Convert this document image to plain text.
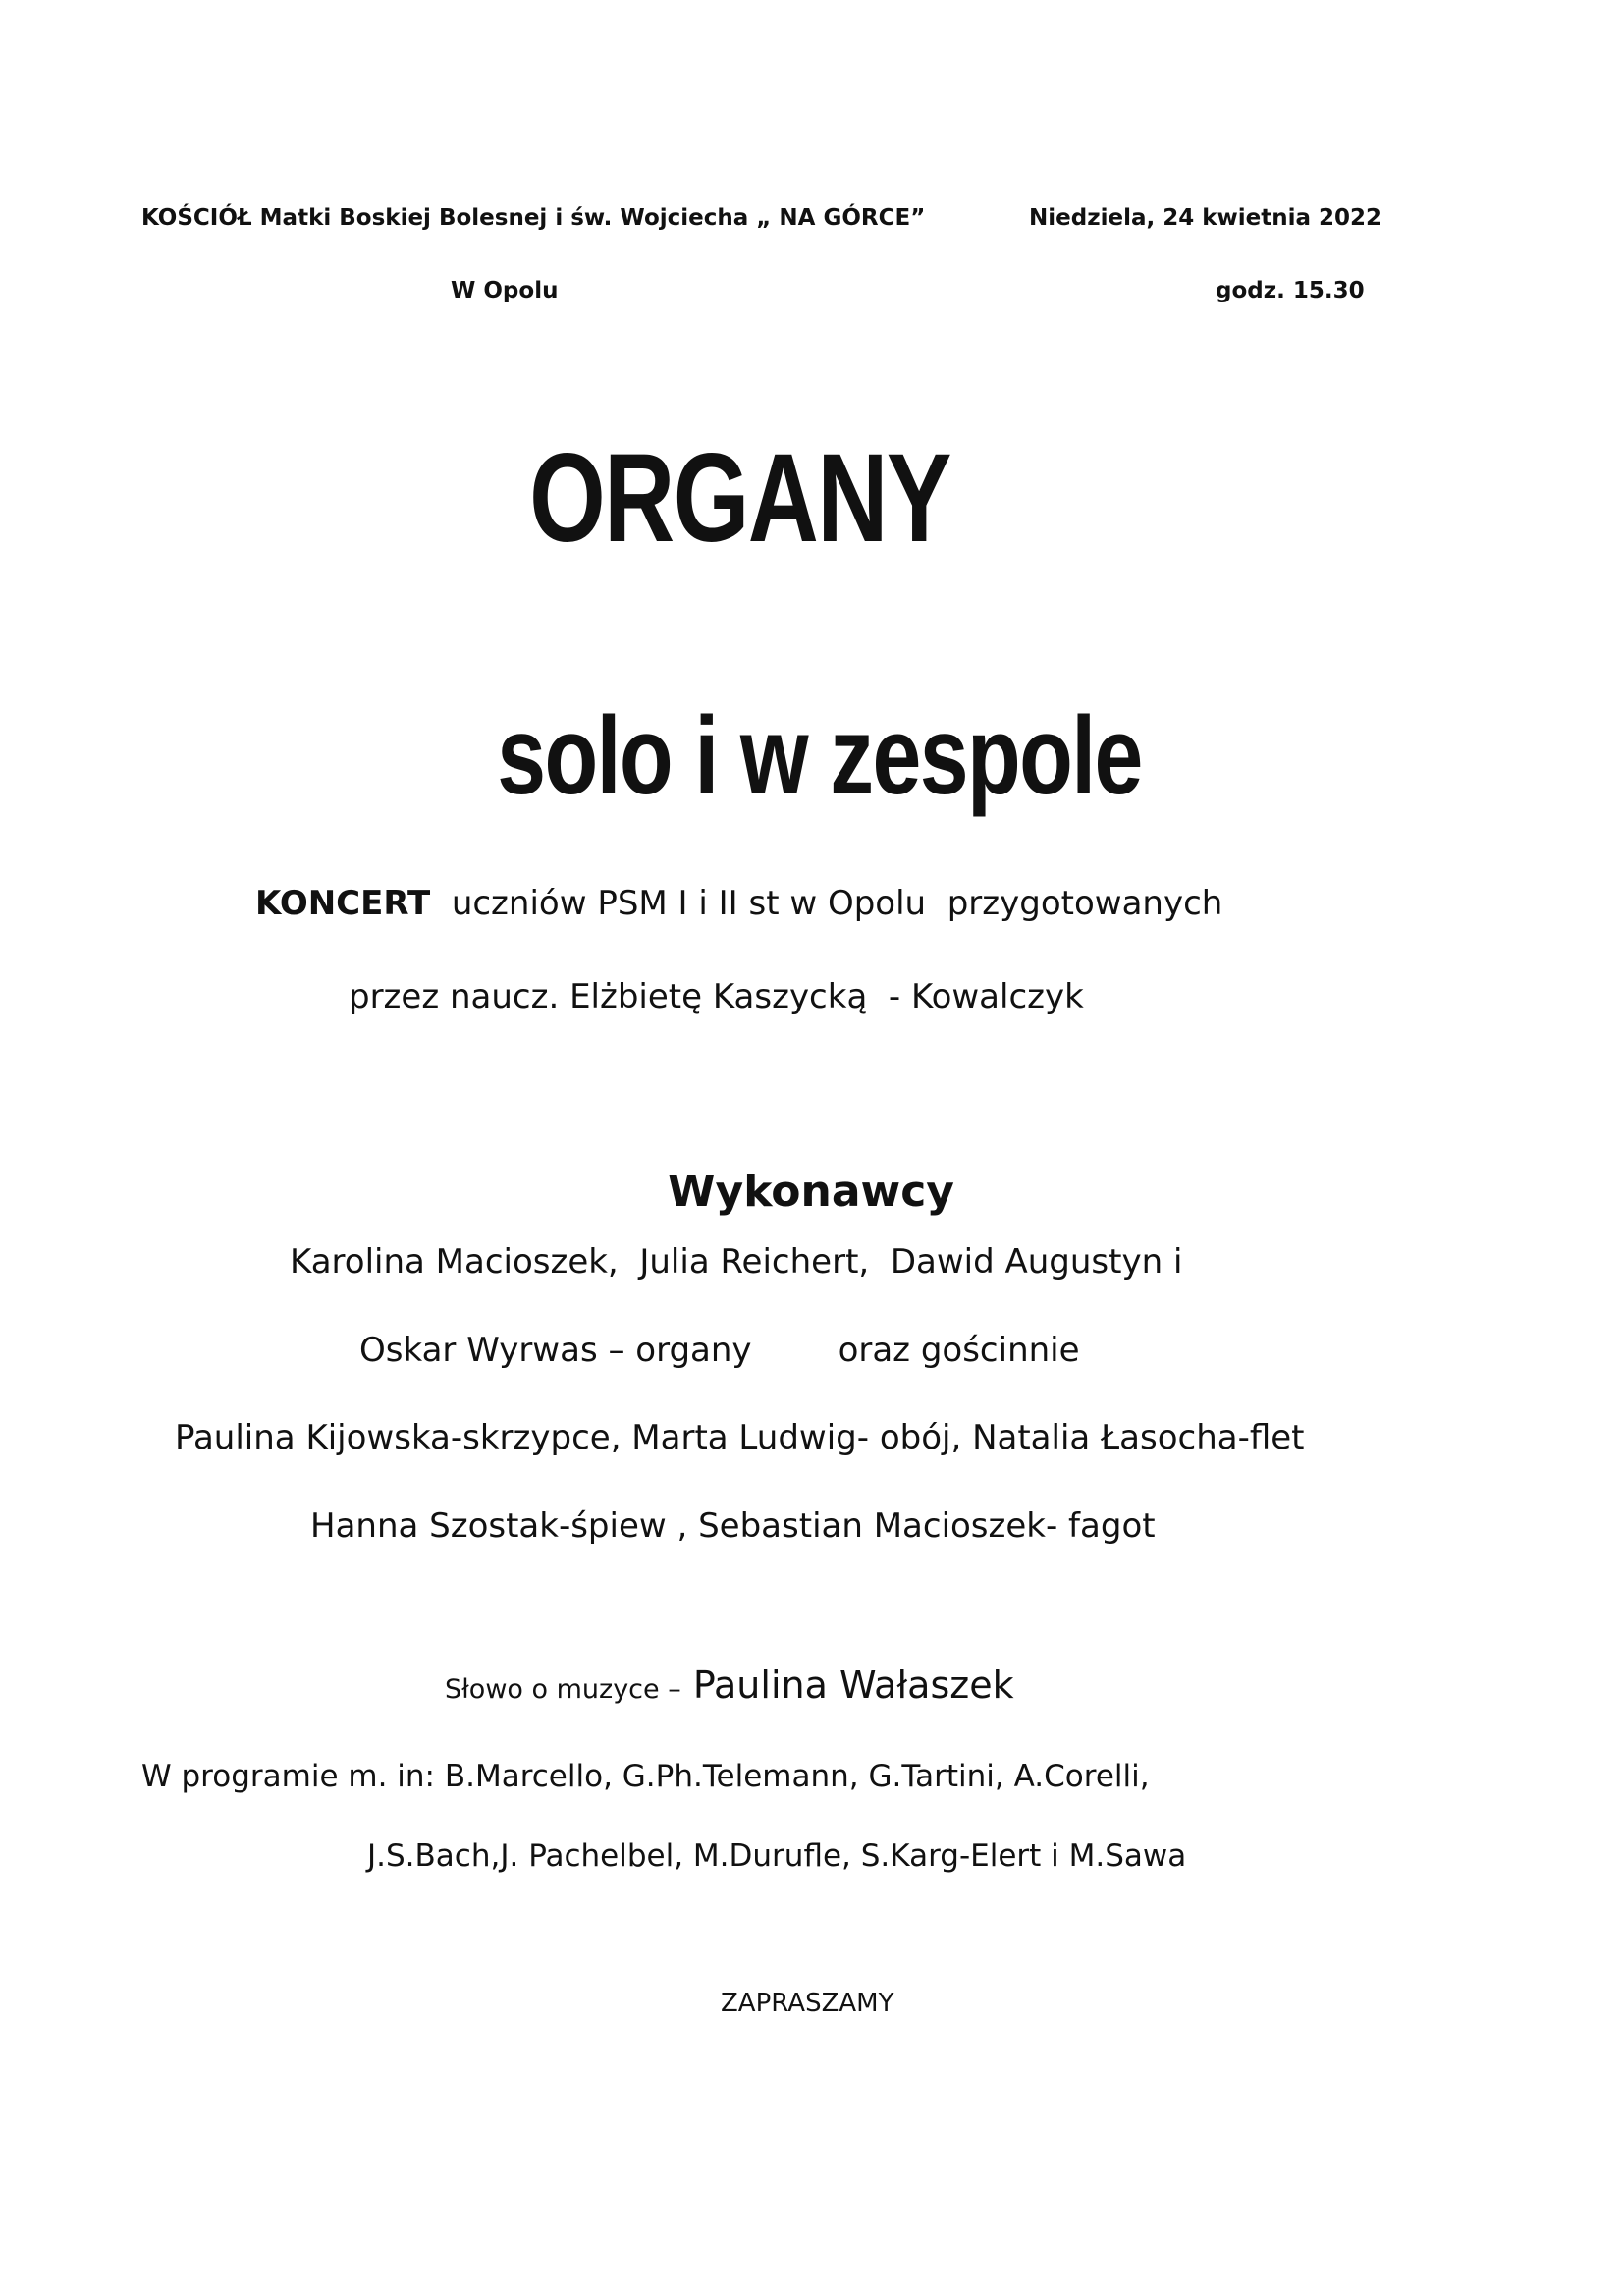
KOŚCIÓŁ Matki Boskiej Bolesnej i św. Wojciecha „ NA GÓRCE”	Niedziela, 24 kwietnia 2022
W Opolu	godz. 15.30
ORGANY
solo i w zespole
KONCERT  uczniów PSM I i II st w Opolu  przygotowanych
przez naucz. Elżbietę Kaszycką  - Kowalczyk
Wykonawcy
Karolina Macioszek,  Julia Reichert,  Dawid Augustyn i
Oskar Wyrwas – organy	oraz gościnnie
Paulina Kijowska-skrzypce, Marta Ludwig- obój, Natalia Łasocha-flet
Hanna Szostak-śpiew , Sebastian Macioszek- fagot
Słowo o muzyce – Paulina Wałaszek
W programie m. in: B.Marcello, G.Ph.Telemann, G.Tartini, A.Corelli,
J.S.Bach,J. Pachelbel, M.Durufle, S.Karg-Elert i M.Sawa
ZAPRASZAMY
